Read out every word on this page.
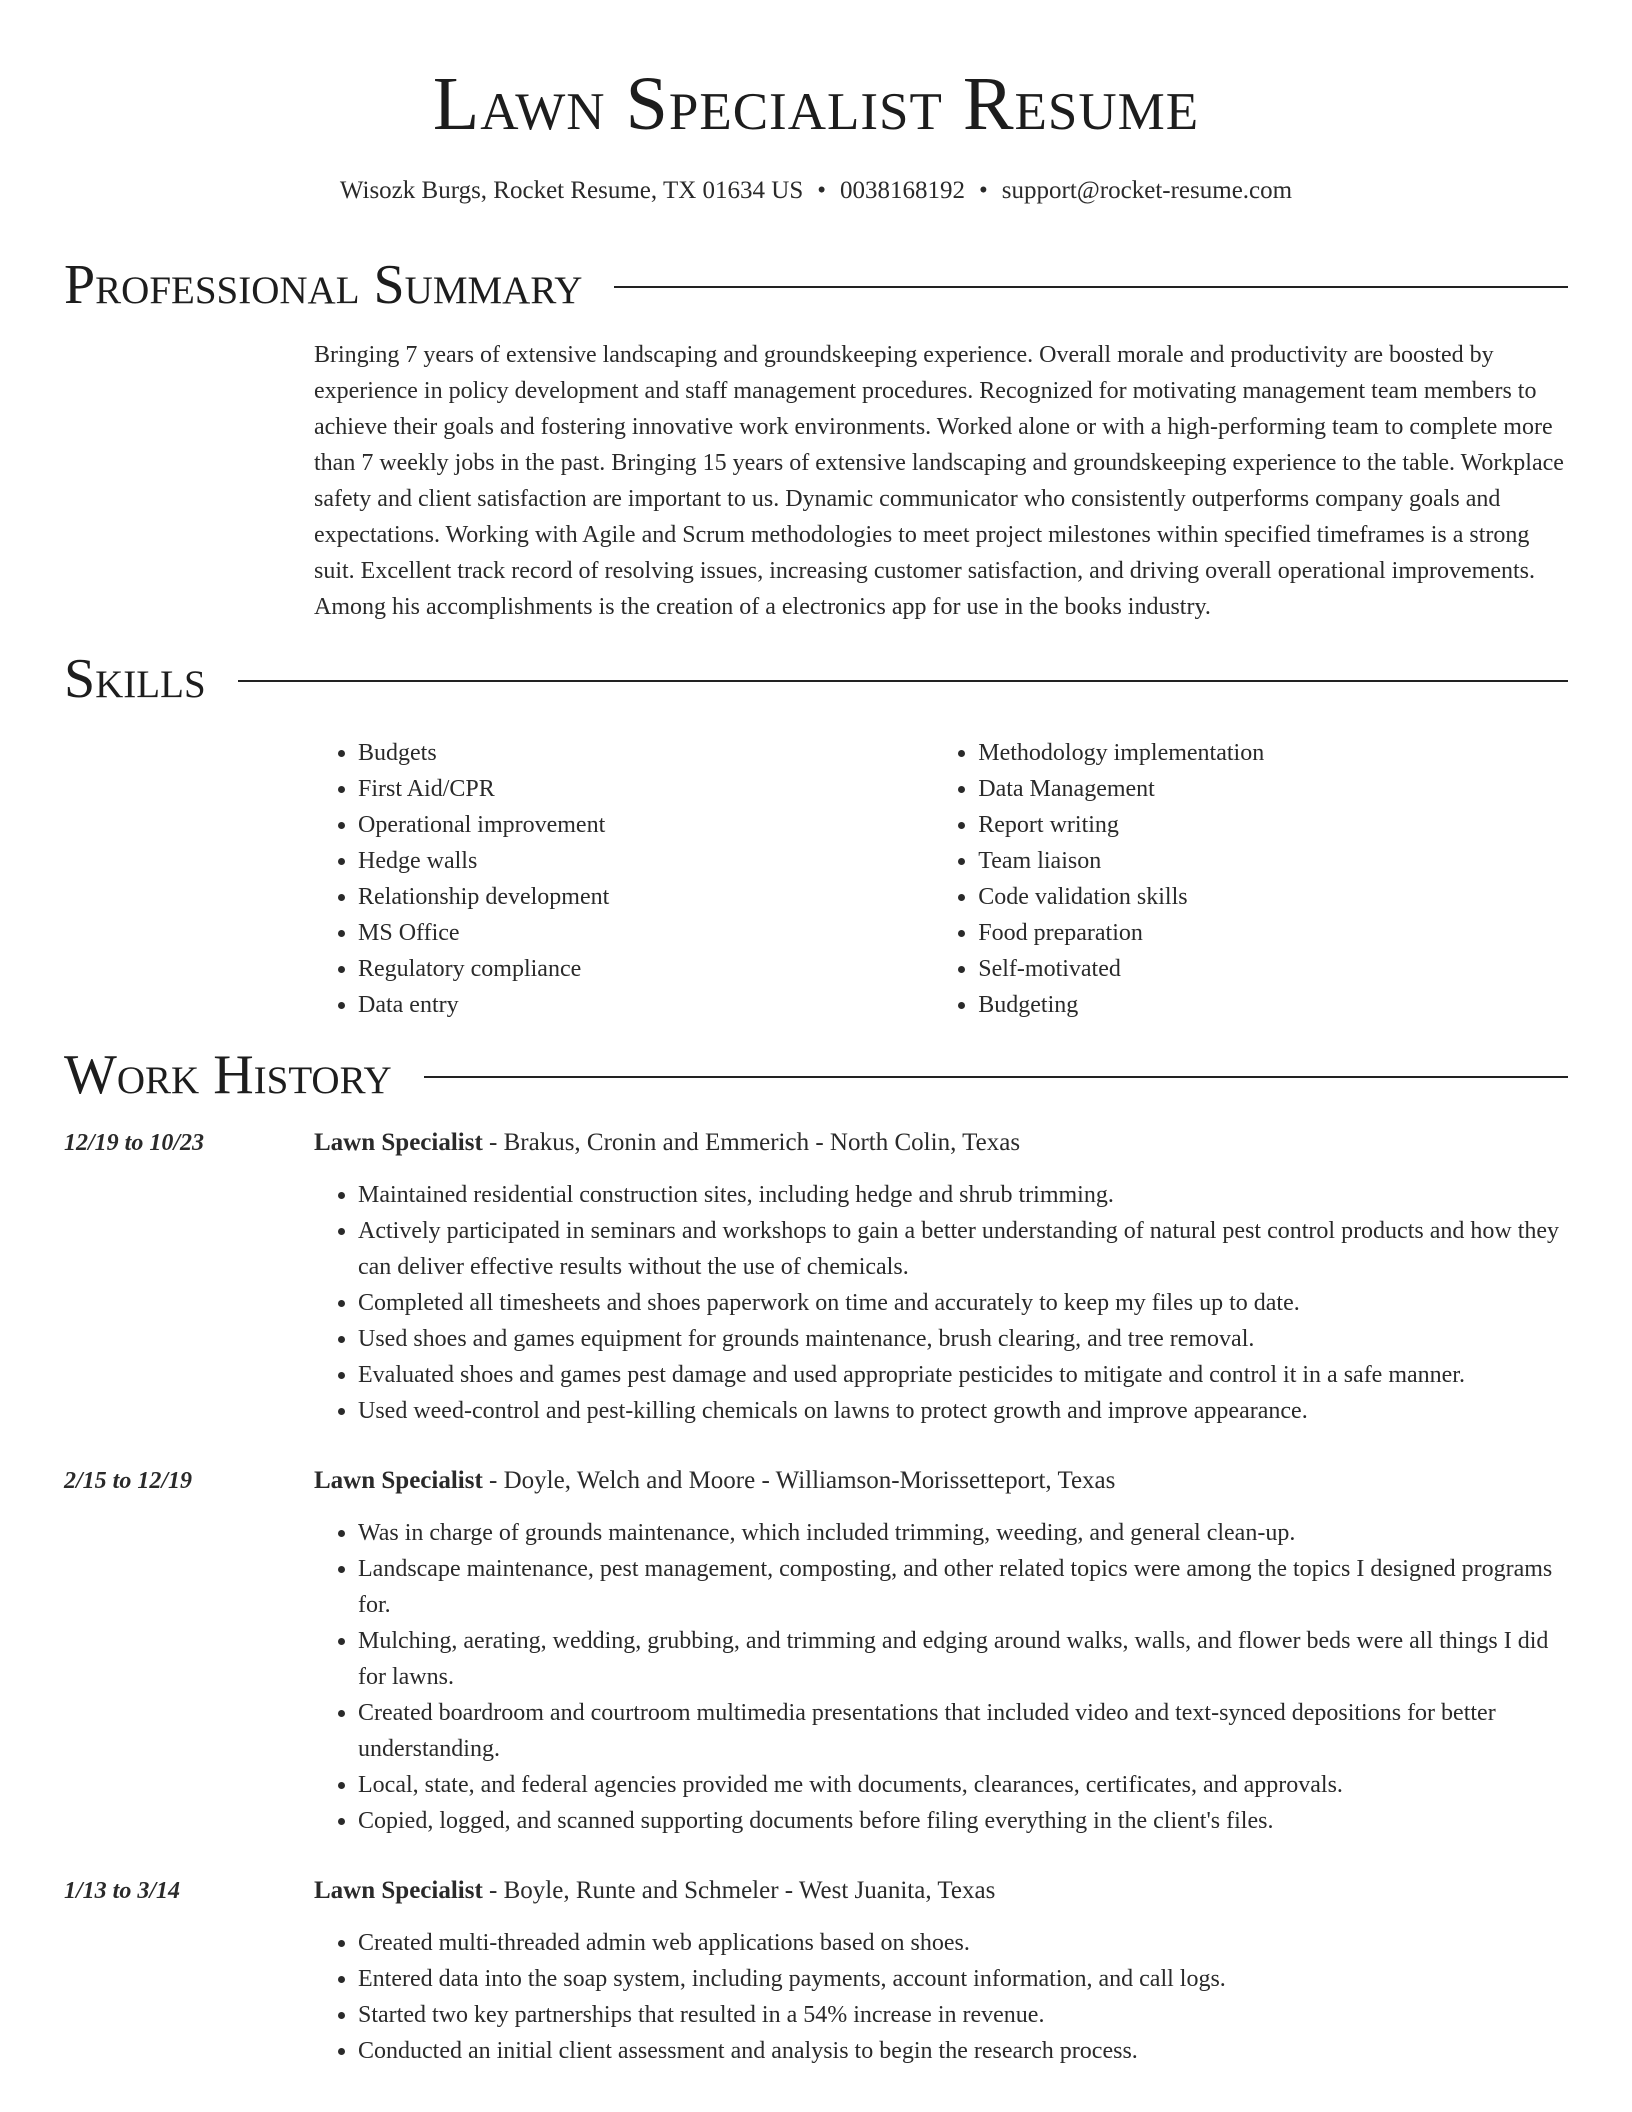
Lawn Specialist Resume
Wisozk Burgs, Rocket Resume, TX 01634 US • 0038168192 • support@rocket-resume.com
Professional Summary

Bringing 7 years of extensive landscaping and groundskeeping experience. Overall morale and productivity are boosted by experience in policy development and staff management procedures. Recognized for motivating management team members to achieve their goals and fostering innovative work environments. Worked alone or with a high-performing team to complete more than 7 weekly jobs in the past. Bringing 15 years of extensive landscaping and groundskeeping experience to the table. Workplace safety and client satisfaction are important to us. Dynamic communicator who consistently outperforms company goals and expectations. Working with Agile and Scrum methodologies to meet project milestones within specified timeframes is a strong suit. Excellent track record of resolving issues, increasing customer satisfaction, and driving overall operational improvements. Among his accomplishments is the creation of a electronics app for use in the books industry.

Skills
• Budgets
• First Aid/CPR
• Operational improvement
• Hedge walls
• Relationship development
• MS Office
• Regulatory compliance
• Data entry
• Methodology implementation
• Data Management
• Report writing
• Team liaison
• Code validation skills
• Food preparation
• Self-motivated
• Budgeting
Work History
12/19 to 10/23	Lawn Specialist - Brakus, Cronin and Emmerich - North Colin, Texas
• Maintained residential construction sites, including hedge and shrub trimming.
• Actively participated in seminars and workshops to gain a better understanding of natural pest control products and how they can deliver effective results without the use of chemicals.
• Completed all timesheets and shoes paperwork on time and accurately to keep my files up to date.
• Used shoes and games equipment for grounds maintenance, brush clearing, and tree removal.
• Evaluated shoes and games pest damage and used appropriate pesticides to mitigate and control it in a safe manner.
• Used weed-control and pest-killing chemicals on lawns to protect growth and improve appearance.
2/15 to 12/19	Lawn Specialist - Doyle, Welch and Moore - Williamson-Morissetteport, Texas
• Was in charge of grounds maintenance, which included trimming, weeding, and general clean-up.
• Landscape maintenance, pest management, composting, and other related topics were among the topics I designed programs for.
• Mulching, aerating, wedding, grubbing, and trimming and edging around walks, walls, and flower beds were all things I did for lawns.
• Created boardroom and courtroom multimedia presentations that included video and text-synced depositions for better understanding.
• Local, state, and federal agencies provided me with documents, clearances, certificates, and approvals.
• Copied, logged, and scanned supporting documents before filing everything in the client's files.
1/13 to 3/14	Lawn Specialist - Boyle, Runte and Schmeler - West Juanita, Texas
• Created multi-threaded admin web applications based on shoes.
• Entered data into the soap system, including payments, account information, and call logs.
• Started two key partnerships that resulted in a 54% increase in revenue.
• Conducted an initial client assessment and analysis to begin the research process.
